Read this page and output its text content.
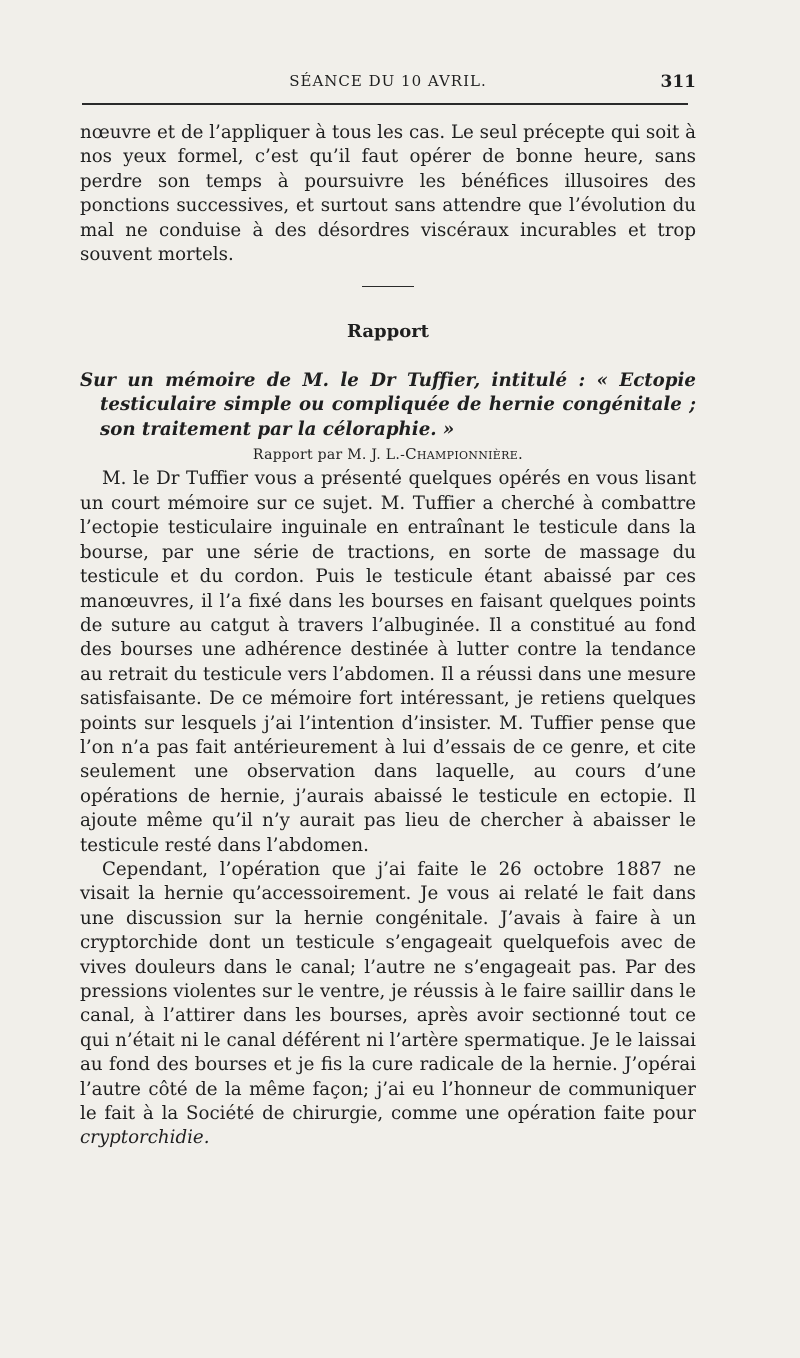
SÉANCE DU 10 AVRIL.	311

nœuvre et de l’appliquer à tous les cas. Le seul précepte qui soit à nos yeux formel, c’est qu’il faut opérer de bonne heure, sans perdre son temps à poursuivre les bénéfices illusoires des ponctions successives, et surtout sans attendre que l’évolution du mal ne conduise à des désordres viscéraux incurables et trop souvent mortels.

Rapport

Sur un mémoire de M. le Dr Tuffier, intitulé : « Ectopie testiculaire simple ou compliquée de hernie congénitale ; son traitement par la céloraphie. »

Rapport par M. J. L.-Championnière.

M. le Dr Tuffier vous a présenté quelques opérés en vous lisant un court mémoire sur ce sujet. M. Tuffier a cherché à combattre l’ectopie testiculaire inguinale en entraînant le testicule dans la bourse, par une série de tractions, en sorte de massage du testicule et du cordon. Puis le testicule étant abaissé par ces manœuvres, il l’a fixé dans les bourses en faisant quelques points de suture au catgut à travers l’albuginée. Il a constitué au fond des bourses une adhérence destinée à lutter contre la tendance au retrait du testicule vers l’abdomen. Il a réussi dans une mesure satisfaisante. De ce mémoire fort intéressant, je retiens quelques points sur lesquels j’ai l’intention d’insister. M. Tuffier pense que l’on n’a pas fait antérieurement à lui d’essais de ce genre, et cite seulement une observation dans laquelle, au cours d’une opérations de hernie, j’aurais abaissé le testicule en ectopie. Il ajoute même qu’il n’y aurait pas lieu de chercher à abaisser le testicule resté dans l’abdomen.

Cependant, l’opération que j’ai faite le 26 octobre 1887 ne visait la hernie qu’accessoirement. Je vous ai relaté le fait dans une discussion sur la hernie congénitale. J’avais à faire à un cryptorchide dont un testicule s’engageait quelquefois avec de vives douleurs dans le canal; l’autre ne s’engageait pas. Par des pressions violentes sur le ventre, je réussis à le faire saillir dans le canal, à l’attirer dans les bourses, après avoir sectionné tout ce qui n’était ni le canal déférent ni l’artère spermatique. Je le laissai au fond des bourses et je fis la cure radicale de la hernie. J’opérai l’autre côté de la même façon; j’ai eu l’honneur de communiquer le fait à la Société de chirurgie, comme une opération faite pour cryptorchidie.
